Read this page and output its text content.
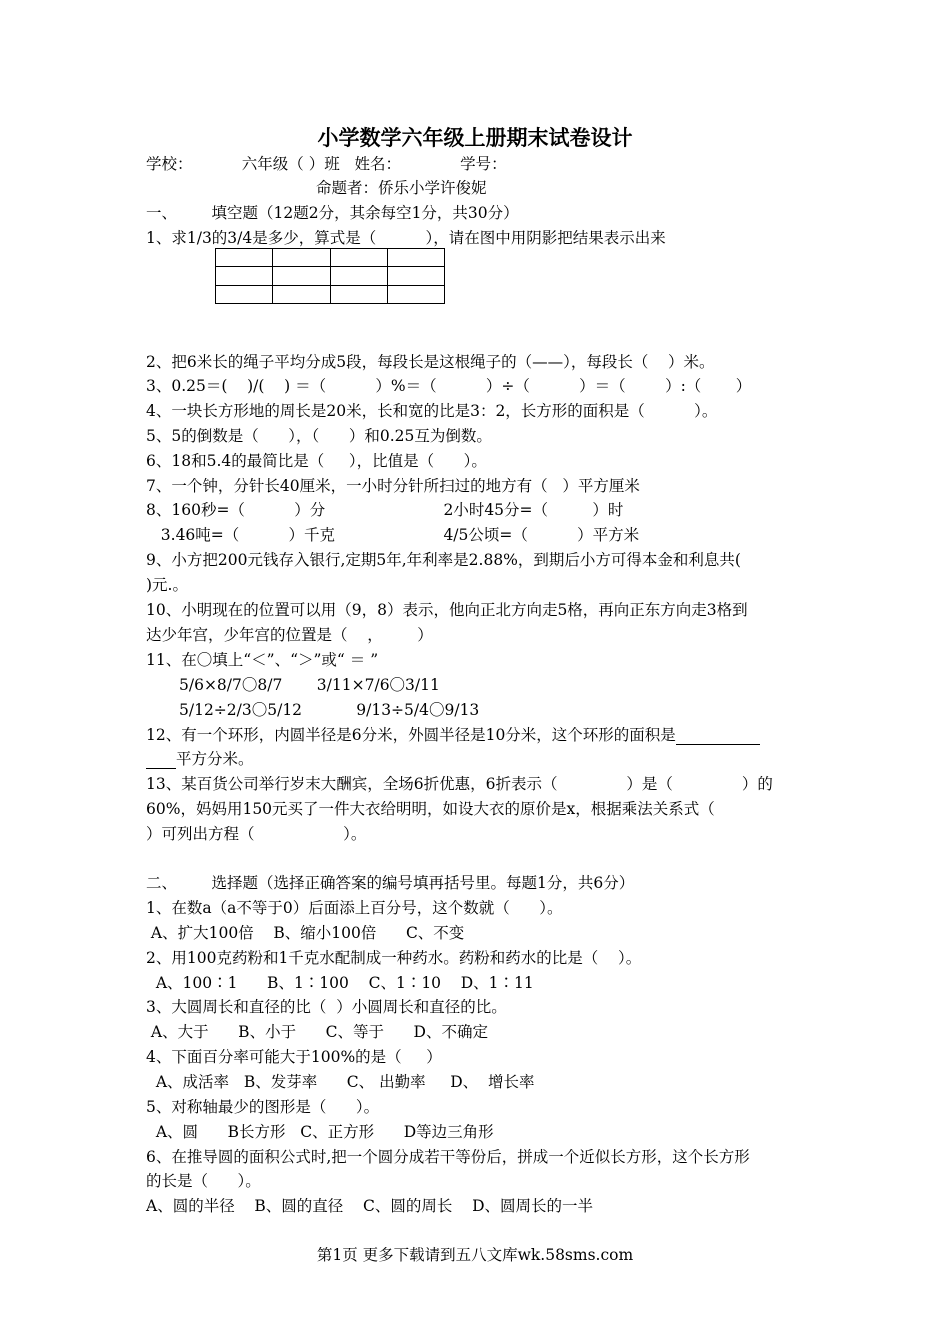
小学数学六年级上册期末试卷设计
学校：          六年级（ ）班   姓名：            学号：
命题者：侨乐小学许俊妮
一、       填空题（12题2分，其余每空1分，共30分）
1、求1/3的3/4是多少，算式是（          ），请在图中用阴影把结果表示出来

2、把6米长的绳子平均分成5段，每段长是这根绳子的（——），每段长（    ）米。
3、0.25＝(    )/(    ) ＝（          ）%＝（          ）÷（          ）＝（        ）:（       ）
4、一块长方形地的周长是20米，长和宽的比是3：2，长方形的面积是（          ）。
5、5的倒数是（      ），（      ）和0.25互为倒数。
6、18和5.4的最简比是（     ），比值是（      ）。
7、一个钟，分针长40厘米，一小时分针所扫过的地方有（   ）平方厘米
8、160秒=（          ）分                        2小时45分=（         ）时
3.46吨=（          ）千克                      4/5公顷=（          ）平方米
9、小方把200元钱存入银行,定期5年,年利率是2.88%，到期后小方可得本金和利息共(
)元.。
10、小明现在的位置可以用（9，8）表示，他向正北方向走5格，再向正东方向走3格到
达少年宫，少年宫的位置是（    ，       ）
11、在〇填上“＜”、“＞”或“ ＝ ”
5/6×8/7〇8/7       3/11×7/6〇3/11
5/12÷2/3〇5/12           9/13÷5/4〇9/13
12、有一个环形，内圆半径是6分米，外圆半径是10分米，这个环形的面积是
平方分米。
13、某百货公司举行岁末大酬宾，全场6折优惠，6折表示（              ）是（              ）的
60%，妈妈用150元买了一件大衣给明明，如设大衣的原价是x，根据乘法关系式（
）可列出方程（                  ）。
二、       选择题（选择正确答案的编号填再括号里。每题1分，共6分）
1、在数a（a不等于0）后面添上百分号，这个数就（      ）。
A、扩大100倍    B、缩小100倍      C、不变
2、用100克药粉和1千克水配制成一种药水。药粉和药水的比是（    ）。
A、100∶1      B、1∶100    C、1∶10    D、1∶11
3、大圆周长和直径的比（  ）小圆周长和直径的比。
A、大于      B、小于      C、等于      D、不确定
4、下面百分率可能大于100%的是（     ）
A、成活率   B、发芽率      C、 出勤率     D、  增长率
5、对称轴最少的图形是（      ）。
A、圆      B长方形   C、正方形      D等边三角形
6、在推导圆的面积公式时,把一个圆分成若干等份后，拼成一个近似长方形，这个长方形
的长是（      ）。
A、圆的半径    B、圆的直径    C、圆的周长    D、圆周长的一半
第1页 更多下载请到五八文库wk.58sms.com
